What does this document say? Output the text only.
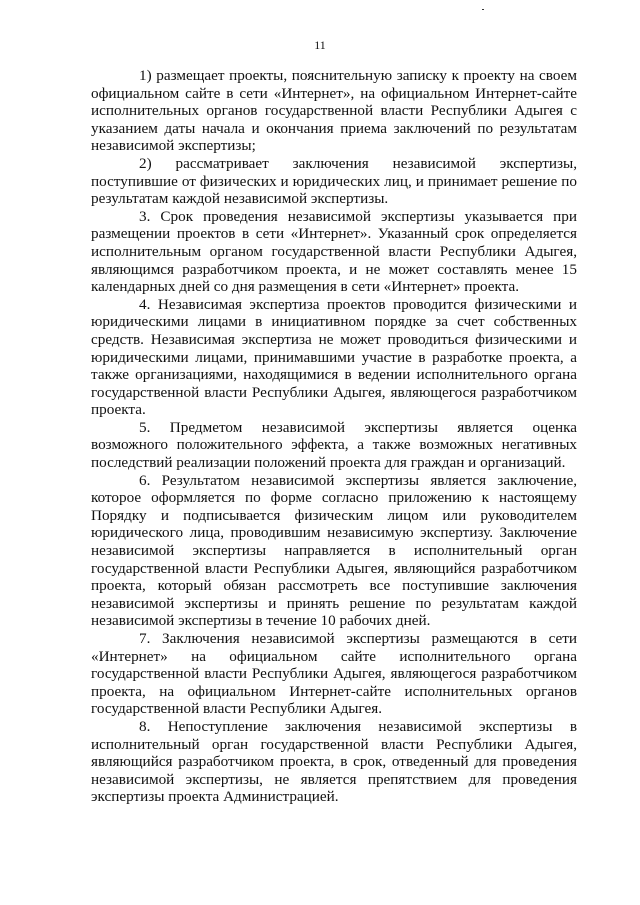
11

1) размещает проекты, пояснительную записку к проекту на своем официальном сайте в сети «Интернет», на официальном Интернет-сайте исполнительных органов государственной власти Республики Адыгея с указанием даты начала и окончания приема заключений по результатам независимой экспертизы;

2) рассматривает заключения независимой экспертизы, поступившие от физических и юридических лиц, и принимает решение по результатам каждой независимой экспертизы.

3. Срок проведения независимой экспертизы указывается при размещении проектов в сети «Интернет». Указанный срок определяется исполнительным органом государственной власти Республики Адыгея, являющимся разработчиком проекта, и не может составлять менее 15 календарных дней со дня размещения в сети «Интернет» проекта.

4. Независимая экспертиза проектов проводится физическими и юридическими лицами в инициативном порядке за счет собственных средств. Независимая экспертиза не может проводиться физическими и юридическими лицами, принимавшими участие в разработке проекта, а также организациями, находящимися в ведении исполнительного органа государственной власти Республики Адыгея, являющегося разработчиком проекта.

5. Предметом независимой экспертизы является оценка возможного положительного эффекта, а также возможных негативных последствий реализации положений проекта для граждан и организаций.

6. Результатом независимой экспертизы является заключение, которое оформляется по форме согласно приложению к настоящему Порядку и подписывается физическим лицом или руководителем юридического лица, проводившим независимую экспертизу. Заключение независимой экспертизы направляется в исполнительный орган государственной власти Республики Адыгея, являющийся разработчиком проекта, который обязан рассмотреть все поступившие заключения независимой экспертизы и принять решение по результатам каждой независимой экспертизы в течение 10 рабочих дней.

7. Заключения независимой экспертизы размещаются в сети «Интернет» на официальном сайте исполнительного органа государственной власти Республики Адыгея, являющегося разработчиком проекта, на официальном Интернет-сайте исполнительных органов государственной власти Республики Адыгея.

8. Непоступление заключения независимой экспертизы в исполнительный орган государственной власти Республики Адыгея, являющийся разработчиком проекта, в срок, отведенный для проведения независимой экспертизы, не является препятствием для проведения экспертизы проекта Администрацией.
